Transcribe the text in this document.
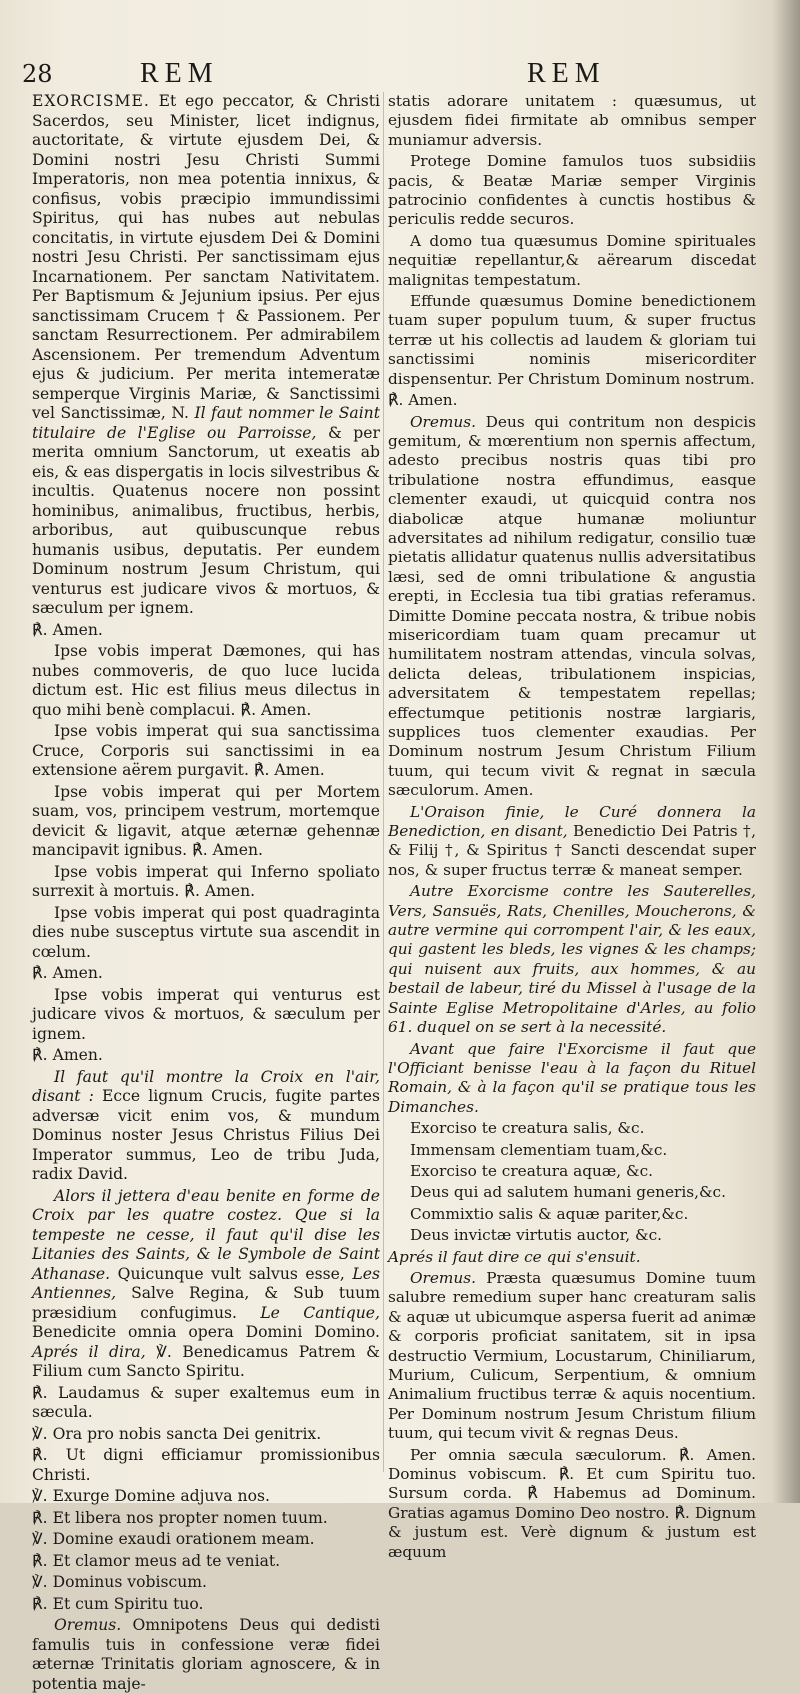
28	REM	REM

EXORCISME. Et ego peccator, & Christi Sacerdos, seu Minister, licet indignus, auctoritate, & virtute ejusdem Dei, & Domini nostri Jesu Christi Summi Imperatoris, non mea potentia innixus, & confisus, vobis præcipio immundissimi Spiritus, qui has nubes aut nebulas concitatis, in virtute ejusdem Dei & Domini nostri Jesu Christi. Per sanctissimam ejus Incarnationem. Per sanctam Nativitatem. Per Baptismum & Jejunium ipsius. Per ejus sanctissimam Crucem † & Passionem. Per sanctam Resurrectionem. Per admirabilem Ascensionem. Per tremendum Adventum ejus & judicium. Per merita intemeratæ semperque Virginis Mariæ, & Sanctissimi vel Sanctissimæ, N. Il faut nommer le Saint titulaire de l'Eglise ou Parroisse, & per merita omnium Sanctorum, ut exeatis ab eis, & eas dispergatis in locis silvestribus & incultis. Quatenus nocere non possint hominibus, animalibus, fructibus, herbis, arboribus, aut quibuscunque rebus humanis usibus, deputatis. Per eundem Dominum nostrum Jesum Christum, qui venturus est judicare vivos & mortuos, & sæculum per ignem.

℟. Amen.

Ipse vobis imperat Dæmones, qui has nubes commoveris, de quo luce lucida dictum est. Hic est filius meus dilectus in quo mihi benè complacui. ℟. Amen.

Ipse vobis imperat qui sua sanctissima Cruce, Corporis sui sanctissimi in ea extensione aërem purgavit. ℟. Amen.

Ipse vobis imperat qui per Mortem suam, vos, principem vestrum, mortemque devicit & ligavit, atque æternæ gehennæ mancipavit ignibus. ℟. Amen.

Ipse vobis imperat qui Inferno spoliato surrexit à mortuis. ℟. Amen.

Ipse vobis imperat qui post quadraginta dies nube susceptus virtute sua ascendit in cœlum.

℟. Amen.

Ipse vobis imperat qui venturus est judicare vivos & mortuos, & sæculum per ignem.

℟. Amen.

Il faut qu'il montre la Croix en l'air, disant : Ecce lignum Crucis, fugite partes adversæ vicit enim vos, & mundum Dominus noster Jesus Christus Filius Dei Imperator summus, Leo de tribu Juda, radix David.

Alors il jettera d'eau benite en forme de Croix par les quatre costez. Que si la tempeste ne cesse, il faut qu'il dise les Litanies des Saints, & le Symbole de Saint Athanase. Quicunque vult salvus esse, Les Antiennes, Salve Regina, & Sub tuum præsidium confugimus. Le Cantique, Benedicite omnia opera Domini Domino. Aprés il dira, ℣. Benedicamus Patrem & Filium cum Sancto Spiritu.

℟. Laudamus & super exaltemus eum in sæcula.

℣. Ora pro nobis sancta Dei genitrix.

℟. Ut digni efficiamur promissionibus Christi.

℣. Exurge Domine adjuva nos.

℟. Et libera nos propter nomen tuum.

℣. Domine exaudi orationem meam.

℟. Et clamor meus ad te veniat.

℣. Dominus vobiscum.

℟. Et cum Spiritu tuo.

Oremus. Omnipotens Deus qui dedisti famulis tuis in confessione veræ fidei æternæ Trinitatis gloriam agnoscere, & in potentia maje-

statis adorare unitatem : quæsumus, ut ejusdem fidei firmitate ab omnibus semper muniamur adversis.

Protege Domine famulos tuos subsidiis pacis, & Beatæ Mariæ semper Virginis patrocinio confidentes à cunctis hostibus & periculis redde securos.

A domo tua quæsumus Domine spirituales nequitiæ repellantur,& aërearum discedat malignitas tempestatum.

Effunde quæsumus Domine benedictionem tuam super populum tuum, & super fructus terræ ut his collectis ad laudem & gloriam tui sanctissimi nominis misericorditer dispensentur. Per Christum Dominum nostrum.

℟. Amen.

Oremus. Deus qui contritum non despicis gemitum, & mœrentium non spernis affectum, adesto precibus nostris quas tibi pro tribulatione nostra effundimus, easque clementer exaudi, ut quicquid contra nos diabolicæ atque humanæ moliuntur adversitates ad nihilum redigatur, consilio tuæ pietatis allidatur quatenus nullis adversitatibus læsi, sed de omni tribulatione & angustia erepti, in Ecclesia tua tibi gratias referamus. Dimitte Domine peccata nostra, & tribue nobis misericordiam tuam quam precamur ut humilitatem nostram attendas, vincula solvas, delicta deleas, tribulationem inspicias, adversitatem & tempestatem repellas; effectumque petitionis nostræ largiaris, supplices tuos clementer exaudias. Per Dominum nostrum Jesum Christum Filium tuum, qui tecum vivit & regnat in sæcula sæculorum. Amen.

L'Oraison finie, le Curé donnera la Benediction, en disant, Benedictio Dei Patris †, & Filij †, & Spiritus † Sancti descendat super nos, & super fructus terræ & maneat semper.

Autre Exorcisme contre les Sauterelles, Vers, Sansuës, Rats, Chenilles, Moucherons, & autre vermine qui corrompent l'air, & les eaux, qui gastent les bleds, les vignes & les champs; qui nuisent aux fruits, aux hommes, & au bestail de labeur, tiré du Missel à l'usage de la Sainte Eglise Metropolitaine d'Arles, au folio 61. duquel on se sert à la necessité.

Avant que faire l'Exorcisme il faut que l'Officiant benisse l'eau à la façon du Rituel Romain, & à la façon qu'il se pratique tous les Dimanches.

Exorciso te creatura salis, &c.

Immensam clementiam tuam,&c.

Exorciso te creatura aquæ, &c.

Deus qui ad salutem humani generis,&c.

Commixtio salis & aquæ pariter,&c.

Deus invictæ virtutis auctor, &c.

Aprés il faut dire ce qui s'ensuit.

Oremus. Præsta quæsumus Domine tuum salubre remedium super hanc creaturam salis & aquæ ut ubicumque aspersa fuerit ad animæ & corporis proficiat sanitatem, sit in ipsa destructio Vermium, Locustarum, Chiniliarum, Murium, Culicum, Serpentium, & omnium Animalium fructibus terræ & aquis nocentium. Per Dominum nostrum Jesum Christum filium tuum, qui tecum vivit & regnas Deus.

Per omnia sæcula sæculorum. ℟. Amen. Dominus vobiscum. ℟. Et cum Spiritu tuo. Sursum corda. ℟ Habemus ad Dominum. Gratias agamus Domino Deo nostro. ℟. Dignum & justum est. Verè dignum & justum est æquum
